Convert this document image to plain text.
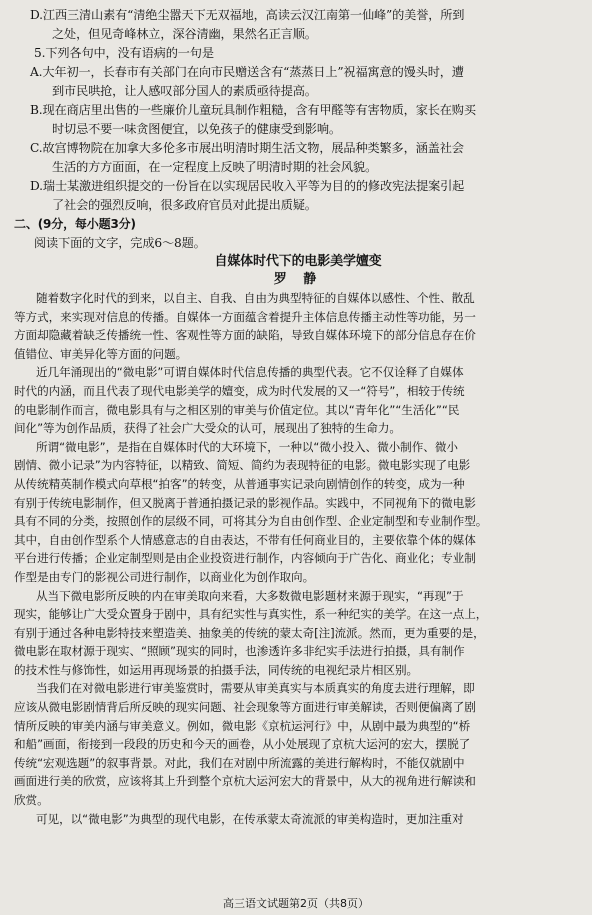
D.江西三清山素有“清绝尘嚣天下无双福地，高读云汉江南第一仙峰”的美誉，所到
之处，但见奇峰林立，深谷清幽，果然名正言顺。
5.下列各句中，没有语病的一句是
A.大年初一，长春市有关部门在向市民赠送含有“蒸蒸日上”祝福寓意的馒头时，遭
到市民哄抢，让人感叹部分国人的素质亟待提高。
B.现在商店里出售的一些廉价儿童玩具制作粗糙，含有甲醛等有害物质，家长在购买
时切忌不要一味贪图便宜，以免孩子的健康受到影响。
C.故宫博物院在加拿大多伦多市展出明清时期生活文物，展品种类繁多，涵盖社会
生活的方方面面，在一定程度上反映了明清时期的社会风貌。
D.瑞士某激进组织提交的一份旨在以实现居民收入平等为目的的修改宪法提案引起
了社会的强烈反响，很多政府官员对此提出质疑。
二、(9分，每小题3分)
阅读下面的文字，完成6～8题。
自媒体时代下的电影美学嬗变
罗 静
随着数字化时代的到来，以自主、自我、自由为典型特征的自媒体以感性、个性、散乱
等方式，来实现对信息的传播。自媒体一方面蕴含着提升主体信息传播主动性等功能，另一
方面却隐藏着缺乏传播统一性、客观性等方面的缺陷，导致自媒体环境下的部分信息存在价
值错位、审美异化等方面的问题。
近几年涌现出的“微电影”可谓自媒体时代信息传播的典型代表。它不仅诠释了自媒体
时代的内涵，而且代表了现代电影美学的嬗变，成为时代发展的又一“符号”，相较于传统
的电影制作而言，微电影具有与之相区别的审美与价值定位。其以“青年化”“生活化”“民
间化”等为创作品质，获得了社会广大受众的认可，展现出了独特的生命力。
所谓“微电影”，是指在自媒体时代的大环境下，一种以“微小投入、微小制作、微小
剧情、微小记录”为内容特征，以精致、简短、简约为表现特征的电影。微电影实现了电影
从传统精英制作模式向草根“拍客”的转变，从普通事实记录向剧情创作的转变，成为一种
有别于传统电影制作，但又脱离于普通拍摄记录的影视作品。实践中，不同视角下的微电影
具有不同的分类，按照创作的层级不同，可将其分为自由创作型、企业定制型和专业制作型。
其中，自由创作型系个人情感意志的自由表达，不带有任何商业目的，主要依靠个体的媒体
平台进行传播；企业定制型则是由企业投资进行制作，内容倾向于广告化、商业化；专业制
作型是由专门的影视公司进行制作，以商业化为创作取向。
从当下微电影所反映的内在审美取向来看，大多数微电影题材来源于现实，“再现”于
现实，能够让广大受众置身于剧中，具有纪实性与真实性，系一种纪实的美学。在这一点上，
有别于通过各种电影特技来塑造美、抽象美的传统的蒙太奇[注]流派。然而，更为重要的是，
微电影在取材源于现实、“照顾”现实的同时，也渗透许多非纪实手法进行拍摄，具有制作
的技术性与修饰性，如运用再现场景的拍摄手法，同传统的电视纪录片相区别。
当我们在对微电影进行审美鉴赏时，需要从审美真实与本质真实的角度去进行理解，即
应该从微电影剧情背后所反映的现实问题、社会现象等方面进行审美解读，否则便偏离了剧
情所反映的审美内涵与审美意义。例如，微电影《京杭运河行》中，从剧中最为典型的“桥
和船”画面，衔接到一段段的历史和今天的画卷，从小处展现了京杭大运河的宏大，摆脱了
传统“宏观选题”的叙事背景。对此，我们在对剧中所流露的美进行解构时，不能仅就剧中
画面进行美的欣赏，应该将其上升到整个京杭大运河宏大的背景中，从大的视角进行解读和
欣赏。
可见，以“微电影”为典型的现代电影，在传承蒙太奇流派的审美构造时，更加注重对
高三语文试题第2页（共8页）
